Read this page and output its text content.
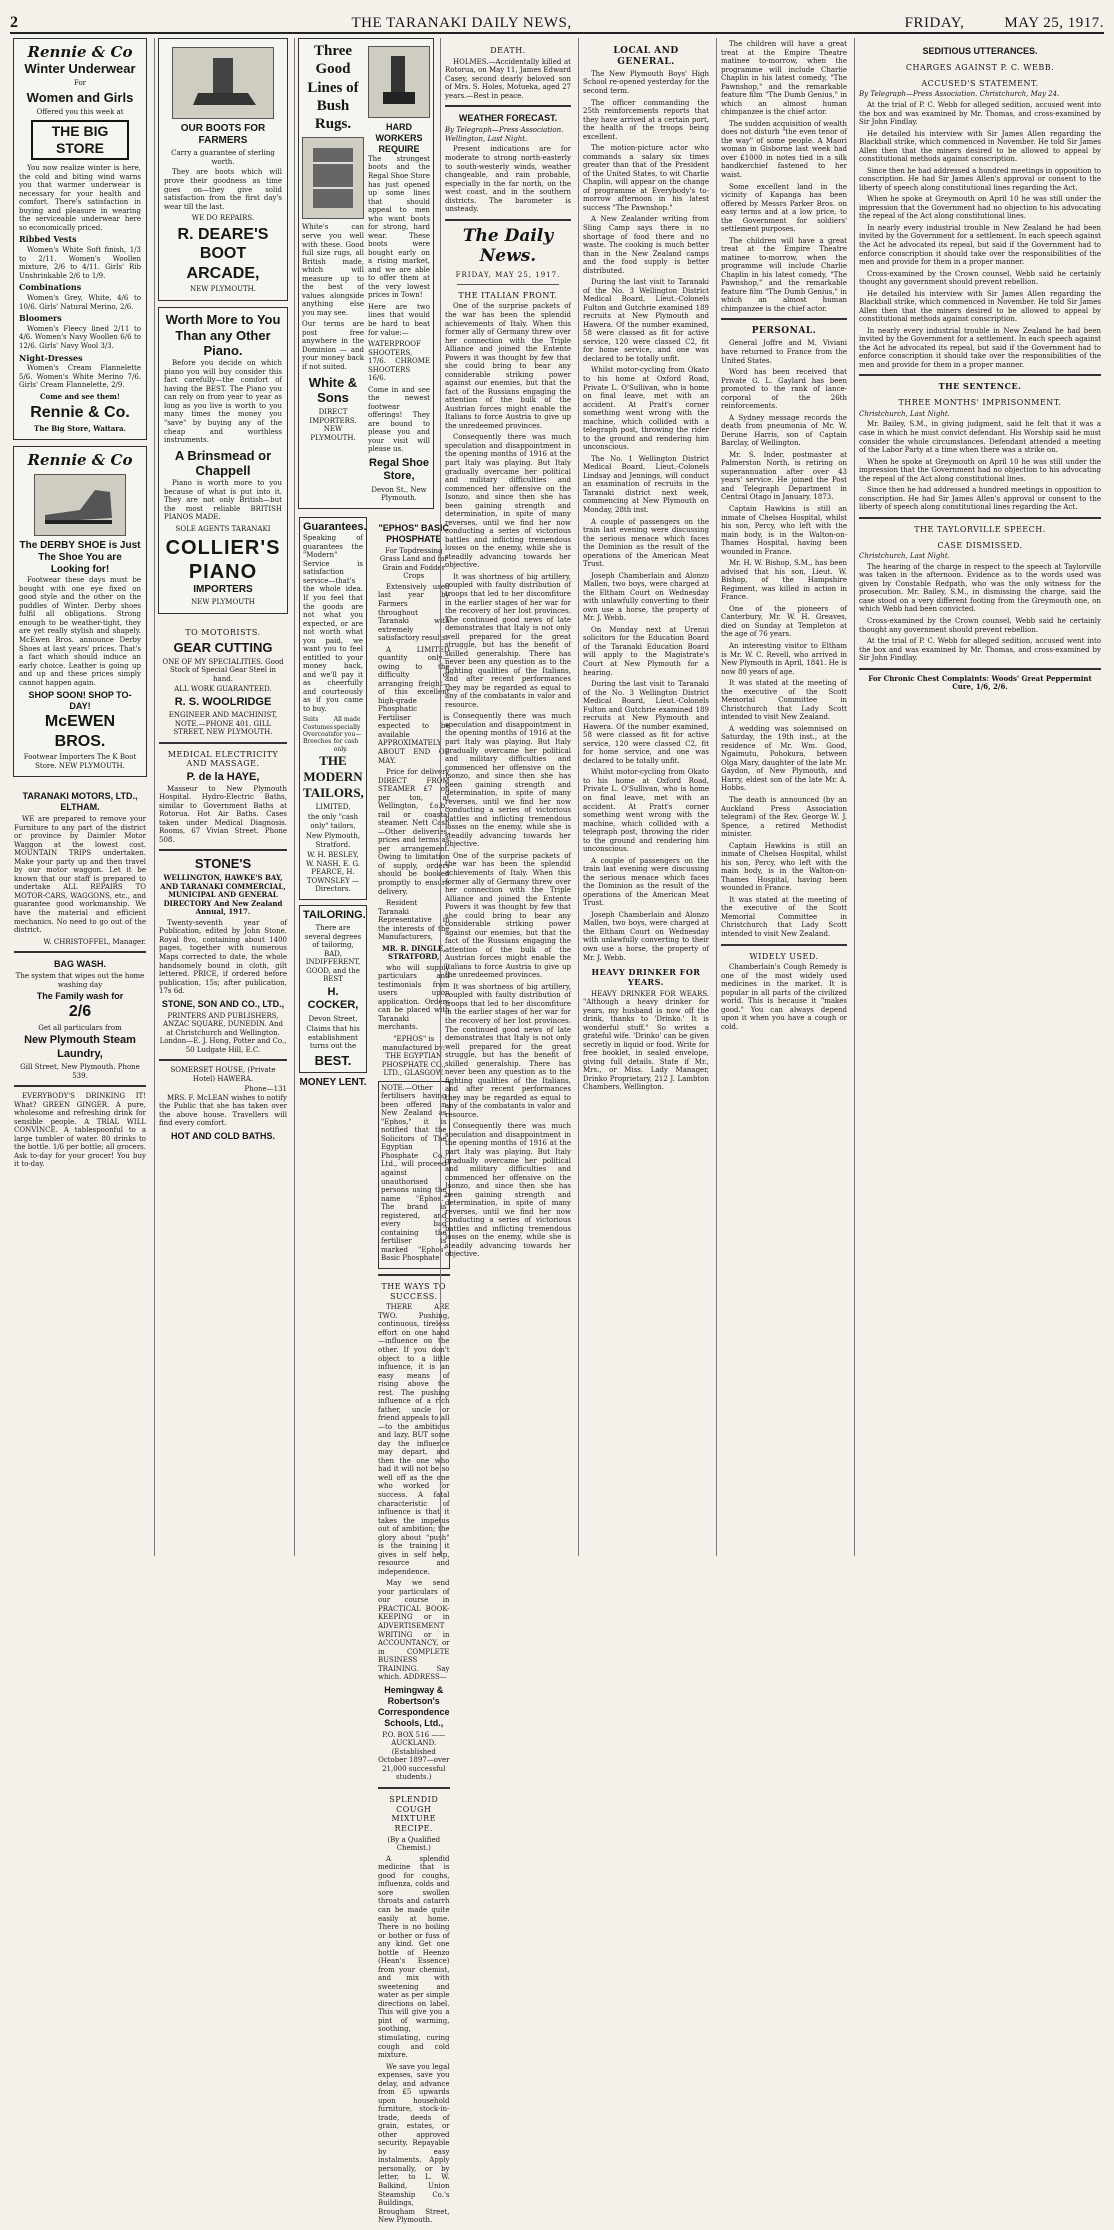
2	THE TARANAKI DAILY NEWS,	FRIDAY,	MAY 25, 1917.
Rennie & Co
Winter Underwear
For
Women and Girls
Offered you this week at
THE BIG STORE

You now realize winter is here, the cold and biting wind warns you that warmer underwear is necessary for your health and comfort. There's satisfaction in buying and pleasure in wearing the serviceable underwear here so economically priced.

Ribbed Vests

Women's White Soft finish, 1/3 to 2/11. Women's Woollen mixture, 2/6 to 4/11. Girls' Rib Unshrinkable 2/6 to 1/9.

Combinations

Women's Grey, White, 4/6 to 10/6. Girls' Natural Merino, 2/6.

Bloomers

Women's Fleecy lined 2/11 to 4/6. Women's Navy Woollen 6/6 to 12/6. Girls' Navy Wool 3/3.

Night-Dresses

Women's Cream Flannelette 5/6. Women's White Merino 7/6. Girls' Cream Flannelette, 2/9.

Come and see them!
Rennie & Co.
The Big Store, Waitara.
Rennie & Co
The DERBY SHOE is Just The Shoe You are Looking for!

Footwear these days must be bought with one eye fixed on good style and the other on the puddles of Winter. Derby shoes fulfil all obligations. Strong enough to be weather-tight, they are yet really stylish and shapely. McEwen Bros. announce Derby Shoes at last years' prices. That's a fact which should induce an early choice. Leather is going up and up and these prices simply cannot happen again.

SHOP SOON! SHOP TO-DAY!
McEWEN BROS.
Footwear Importers The K Boot Store. NEW PLYMOUTH.
TARANAKI MOTORS, LTD., ELTHAM.

WE are prepared to remove your Furniture to any part of the district or province by Daimler Motor Waggon at the lowest cost. MOUNTAIN TRIPS undertaken. Make your party up and then travel by our motor waggon. Let it be known that our staff is prepared to undertake ALL REPAIRS TO MOTOR-CARS, WAGGONS, etc., and guarantee good workmanship. We have the material and efficient mechanics. No need to go out of the district.

W. CHRISTOFFEL, Manager.
BAG WASH.
The system that wipes out the home washing day
The Family wash for
2/6
Get all particulars from
New Plymouth Steam Laundry,
Gill Street, New Plymouth. Phone 539.

EVERYBODY'S DRINKING IT! What? GREEN GINGER. A pure, wholesome and refreshing drink for sensible people. A TRIAL WILL CONVINCE. A tablespoonful to a large tumbler of water. 80 drinks to the bottle. 1/6 per bottle; all grocers. Ask to-day for your grocer! You buy it to-day.

OUR BOOTS FOR FARMERS
Carry a guarantee of sterling worth.

They are boots which will prove their goodness as time goes on—they give solid satisfaction from the first day's wear till the last.

WE DO REPAIRS.
R. DEARE'S BOOT ARCADE,
NEW PLYMOUTH.
Worth More to You Than any Other Piano.

Before you decide on which piano you will buy consider this fact carefully—the comfort of having the BEST. The Piano you can rely on from year to year as long as you live is worth to you many times the money you "save" by buying any of the cheap and worthless instruments.

A Brinsmead or Chappell

Piano is worth more to you because of what is put into it. They are not only British—but the most reliable BRITISH PIANOS MADE.

SOLE AGENTS TARANAKI
COLLIER'S PIANO
IMPORTERS
NEW PLYMOUTH
TO MOTORISTS.
GEAR CUTTING
ONE OF MY SPECIALITIES. Good Stock of Special Gear Steel in hand.
ALL WORK GUARANTEED.
R. S. WOOLRIDGE
ENGINEER AND MACHINIST, NOTE.—PHONE 401. GILL STREET, NEW PLYMOUTH.
MEDICAL ELECTRICITY AND MASSAGE.
P. de la HAYE,

Masseur to New Plymouth Hospital. Hydro-Electric Baths, similar to Government Baths at Rotorua. Hot Air Baths. Cases taken under Medical Diagnosis. Rooms, 67 Vivian Street. Phone 508.

STONE'S
WELLINGTON, HAWKE'S BAY, AND TARANAKI COMMERCIAL, MUNICIPAL AND GENERAL DIRECTORY And New Zealand Annual, 1917.

Twenty-seventh year of Publication, edited by John Stone. Royal 8vo, containing about 1400 pages, together with numerous Maps corrected to date, the whole handsomely bound in cloth, gilt lettered. PRICE, if ordered before publication, 15s; after publication, 17s 6d.

STONE, SON AND CO., LTD.,
PRINTERS AND PUBLISHERS, ANZAC SQUARE, DUNEDIN. And at Christchurch and Wellington. London—E. J. Hong, Potter and Co., 50 Ludgate Hill, E.C.
SOMERSET HOUSE, (Private Hotel) HAWERA.
Phone—131

MRS. F. McLEAN wishes to notify the Public that she has taken over the above house. Travellers will find every comfort.

HOT AND COLD BATHS.
Three Good Lines of Bush Rugs.

White's can serve you well with these. Good full size rugs, all British made, which will measure up to the best of values alongside anything else you may see.

Our terms are post free anywhere in the Dominion — and your money back if not suited.

White & Sons
DIRECT IMPORTERS. NEW PLYMOUTH.
HARD WORKERS REQUIRE

The strongest boots and the Regal Shoe Store has just opened up some lines that should appeal to men who want boots for strong, hard wear. These boots were bought early on a rising market, and we are able to offer them at the very lowest prices in Town!

Here are two lines that would be hard to beat for value:—

WATERPROOF SHOOTERS, 17/6. CHROME SHOOTERS 16/6.

Come in and see the newest footwear offerings! They are bound to please you and your visit will please us.

Regal Shoe Store,
Devon St., New Plymouth.
Guarantees.

Speaking of guarantees the "Modern" Service is satisfaction service—that's the whole idea. If you feel that the goods are not what you expected, or are not worth what you paid, we want you to feel entitled to your money back, and we'll pay it as cheerfully and courteously as if you came to buy.

Suits Costumes Overcoats Breeches
All made specially for you—for cash only.
THE MODERN TAILORS,
LIMITED,
the only "cash only" tailors,
New Plymouth, Stratford.
W. H. BESLEY, W. NASH, E. G. PEARCE, H. TOWNSLEY — Directors.
TAILORING.
There are several degrees of tailoring, BAD, INDIFFERENT, GOOD, and the BEST
H. COCKER,
Devon Street,
Claims that his establishment turns out the
BEST.
MONEY LENT.
"EPHOS" BASIC PHOSPHATE
For Topdressing Grass Land and for Grain and Fodder Crops

Extensively used last year by Farmers throughout Taranaki with extremely satisfactory results.

A LIMITED quantity only—owing to the difficulty of arranging freight—of this excellent high-grade Phosphatic Fertiliser is expected to be available APPROXIMATELY ABOUT END OF MAY.

Price for delivery DIRECT FROM STEAMER £7 on per ton, at Wellington, f.o.b., rail or coastal steamer. Nett Cash—Other deliveries, prices and terms as per arrangement. Owing to limitation of supply, orders should be booked promptly to ensure delivery.

Resident Taranaki Representative in the interests of the Manufacturers,

MR. R. DINGLE, STRATFORD,

who will supply particulars and testimonials from users upon application. Orders can be placed with Taranaki merchants.

"EPHOS" is manufactured by: THE EGYPTIAN PHOSPHATE CO., LTD., GLASGOW.

NOTE.—Other fertilisers having been offered in New Zealand as "Ephos," it is notified that the Solicitors of The Egyptian Phosphate Co., Ltd., will proceed against unauthorised persons using the name "Ephos." The brand is registered, and every bag containing the fertiliser is marked "Ephos" Basic Phosphate.

THE WAYS TO SUCCESS.

THERE ARE TWO. Pushing, continuous, tireless effort on one hand—influence on the other. If you don't object to a little influence, it is an easy means of rising above the rest. The pushing influence of a rich father, uncle or friend appeals to all—to the ambitious and lazy. BUT some day the influence may depart, and then the one who had it will not be so well off as the one who worked for success. A fatal characteristic of influence is that it takes the impetus out of ambition; the glory about "push" is the training it gives in self help, resource and independence.

May we send your particulars of our course in PRACTICAL BOOK-KEEPING or in ADVERTISEMENT WRITING or in ACCOUNTANCY, or in COMPLETE BUSINESS TRAINING. Say which. ADDRESS—

Hemingway & Robertson's Correspondence Schools, Ltd.,
P.O. BOX 516 —— AUCKLAND. (Established October 1897—over 21,000 successful students.)
SPLENDID COUGH MIXTURE RECIPE.
(By a Qualified Chemist.)

A splendid medicine that is good for coughs, influenza, colds and sore swollen throats and catarrh can be made quite easily at home. There is no boiling or bother or fuss of any kind. Get one bottle of Heenzo (Hean's Essence) from your chemist, and mix with sweetening and water as per simple directions on label. This will give you a pint of warming, soothing, stimulating, curing cough and cold mixture.

We save you legal expenses, save you delay, and advance from £5 upwards upon household furniture, stock-in-trade, deeds of grain, estates, or other approved security. Repayable by easy instalments. Apply personally, or by letter, to L. W. Balkind, Union Steamship Co.'s Buildings, Brougham Street, New Plymouth.

DEATH.

HOLMES.—Accidentally killed at Rotorua, on May 11, James Edward Casey, second dearly beloved son of Mrs. S. Holes, Motueka, aged 27 years.—Rest in peace.

WEATHER FORECAST.
By Telegraph—Press Association. Wellington, Last Night.

Present indications are for moderate to strong north-easterly to south-westerly winds, weather changeable, and rain probable, especially in the far north, on the west coast, and in the southern districts. The barometer is unsteady.

The Daily News.
FRIDAY, MAY 25, 1917.
THE ITALIAN FRONT.

One of the surprise packets of the war has been the splendid achievements of Italy. When this former ally of Germany threw over her connection with the Triple Alliance and joined the Entente Powers it was thought by few that she could bring to bear any considerable striking power against our enemies, but that the fact of the Russians engaging the attention of the bulk of the Austrian forces might enable the Italians to force Austria to give up the unredeemed provinces.

Consequently there was much speculation and disappointment in the opening months of 1916 at the part Italy was playing. But Italy gradually overcame her political and military difficulties and commenced her offensive on the Isonzo, and since then she has been gaining strength and determination, in spite of many reverses, until we find her now conducting a series of victorious battles and inflicting tremendous losses on the enemy, while she is steadily advancing towards her objective.

It was shortness of big artillery, coupled with faulty distribution of troops that led to her discomfiture in the earlier stages of her war for the recovery of her lost provinces. The continued good news of late demonstrates that Italy is not only well prepared for the great struggle, but has the benefit of skilled generalship. There has never been any question as to the fighting qualities of the Italians, and after recent performances they may be regarded as equal to any of the combatants in valor and resource.

Consequently there was much speculation and disappointment in the opening months of 1916 at the part Italy was playing. But Italy gradually overcame her political and military difficulties and commenced her offensive on the Isonzo, and since then she has been gaining strength and determination, in spite of many reverses, until we find her now conducting a series of victorious battles and inflicting tremendous losses on the enemy, while she is steadily advancing towards her objective.

One of the surprise packets of the war has been the splendid achievements of Italy. When this former ally of Germany threw over her connection with the Triple Alliance and joined the Entente Powers it was thought by few that she could bring to bear any considerable striking power against our enemies, but that the fact of the Russians engaging the attention of the bulk of the Austrian forces might enable the Italians to force Austria to give up the unredeemed provinces.

It was shortness of big artillery, coupled with faulty distribution of troops that led to her discomfiture in the earlier stages of her war for the recovery of her lost provinces. The continued good news of late demonstrates that Italy is not only well prepared for the great struggle, but has the benefit of skilled generalship. There has never been any question as to the fighting qualities of the Italians, and after recent performances they may be regarded as equal to any of the combatants in valor and resource.

Consequently there was much speculation and disappointment in the opening months of 1916 at the part Italy was playing. But Italy gradually overcame her political and military difficulties and commenced her offensive on the Isonzo, and since then she has been gaining strength and determination, in spite of many reverses, until we find her now conducting a series of victorious battles and inflicting tremendous losses on the enemy, while she is steadily advancing towards her objective.

LOCAL AND GENERAL.

The New Plymouth Boys' High School re-opened yesterday for the second term.

The officer commanding the 25th reinforcements reports that they have arrived at a certain port, the health of the troops being excellent.

The motion-picture actor who commands a salary six times greater than that of the President of the United States, to wit Charlie Chaplin, will appear on the change of programme at Everybody's to-morrow afternoon in his latest success "The Pawnshop."

A New Zealander writing from Sling Camp says there is no shortage of food there and no waste. The cooking is much better than in the New Zealand camps and the food supply is better distributed.

During the last visit to Taranaki of the No. 3 Wellington District Medical Board, Lieut.-Colonels Fulton and Gutchrie examined 189 recruits at New Plymouth and Hawera. Of the number examined, 58 were classed as fit for active service, 120 were classed C2, fit for home service, and one was declared to be totally unfit.

Whilst motor-cycling from Okato to his home at Oxford Road, Private L. O'Sullivan, who is home on final leave, met with an accident. At Pratt's corner something went wrong with the machine, which collided with a telegraph post, throwing the rider to the ground and rendering him unconscious.

The No. 1 Wellington District Medical Board, Lieut.-Colonels Lindsay and Jennings, will conduct an examination of recruits in the Taranaki district next week, commencing at New Plymouth on Monday, 28th inst.

A couple of passengers on the train last evening were discussing the serious menace which faces the Dominion as the result of the operations of the American Meat Trust.

Joseph Chamberlain and Alonzo Mallen, two boys, were charged at the Eltham Court on Wednesday with unlawfully converting to their own use a horse, the property of Mr. J. Webb.

On Monday next at Urenui solicitors for the Education Board of the Taranaki Education Board will apply to the Magistrate's Court at New Plymouth for a hearing.

During the last visit to Taranaki of the No. 3 Wellington District Medical Board, Lieut.-Colonels Fulton and Gutchrie examined 189 recruits at New Plymouth and Hawera. Of the number examined, 58 were classed as fit for active service, 120 were classed C2, fit for home service, and one was declared to be totally unfit.

Whilst motor-cycling from Okato to his home at Oxford Road, Private L. O'Sullivan, who is home on final leave, met with an accident. At Pratt's corner something went wrong with the machine, which collided with a telegraph post, throwing the rider to the ground and rendering him unconscious.

A couple of passengers on the train last evening were discussing the serious menace which faces the Dominion as the result of the operations of the American Meat Trust.

Joseph Chamberlain and Alonzo Mallen, two boys, were charged at the Eltham Court on Wednesday with unlawfully converting to their own use a horse, the property of Mr. J. Webb.

HEAVY DRINKER FOR YEARS.

HEAVY DRINKER FOR WEARS. "Although a heavy drinker for years, my husband is now off the drink, thanks to 'Drinko.' It is wonderful stuff." So writes a grateful wife. 'Drinko' can be given secretly in liquid or food. Write for free booklet, in sealed envelope, giving full details. State if Mr., Mrs., or Miss. Lady Manager, Drinko Proprietary, 212 J. Lambton Chambers, Wellington.

The children will have a great treat at the Empire Theatre matinee to-morrow, when the programme will include Charlie Chaplin in his latest comedy, "The Pawnshop," and the remarkable feature film "The Dumb Genius," in which an almost human chimpanzee is the chief actor.

The sudden acquisition of wealth does not disturb "the even tenor of the way" of some people. A Maori woman in Gisborne last week had over £1000 in notes tied in a silk handkerchief fastened to her waist.

Some excellent land in the vicinity of Kapanga has been offered by Messrs Parker Bros. on easy terms and at a low price, to the Government for soldiers' settlement purposes.

The children will have a great treat at the Empire Theatre matinee to-morrow, when the programme will include Charlie Chaplin in his latest comedy, "The Pawnshop," and the remarkable feature film "The Dumb Genius," in which an almost human chimpanzee is the chief actor.

PERSONAL.

General Joffre and M. Viviani have returned to France from the United States.

Word has been received that Private G. L. Gaylard has been promoted to the rank of lance-corporal of the 26th reinforcements.

A Sydney message records the death from pneumonia of Mr. W. Derune Harris, son of Captain Barclay, of Wellington.

Mr. S. Inder, postmaster at Palmerston North, is retiring on superannuation after over 43 years' service. He joined the Post and Telegraph Department in Central Otago in January, 1873.

Captain Hawkins is still an inmate of Chelsea Hospital, whilst his son, Percy, who left with the main body, is in the Walton-on-Thames Hospital, having been wounded in France.

Mr. H. W. Bishop, S.M., has been advised that his son, Lieut. W. Bishop, of the Hampshire Regiment, was killed in action in France.

One of the pioneers of Canterbury, Mr. W. H. Greaves, died on Sunday at Templeton at the age of 76 years.

An interesting visitor to Eltham is Mr. W. C. Revell, who arrived in New Plymouth in April, 1841. He is now 80 years of age.

It was stated at the meeting of the executive of the Scott Memorial Committee in Christchurch that Lady Scott intended to visit New Zealand.

A wedding was solemnised on Saturday, the 19th inst., at the residence of Mr. Wm. Good, Ngaimutu, Pohokura, between Olga Mary, daughter of the late Mr. Gaydon, of New Plymouth, and Harry, eldest son of the late Mr. A. Hobbs.

The death is announced (by an Auckland Press Association telegram) of the Rev. George W. J. Spence, a retired Methodist minister.

Captain Hawkins is still an inmate of Chelsea Hospital, whilst his son, Percy, who left with the main body, is in the Walton-on-Thames Hospital, having been wounded in France.

It was stated at the meeting of the executive of the Scott Memorial Committee in Christchurch that Lady Scott intended to visit New Zealand.

WIDELY USED.

Chamberlain's Cough Remedy is one of the most widely used medicines in the market. It is popular in all parts of the civilized world. This is because it "makes good." You can always depend upon it when you have a cough or cold.

SEDITIOUS UTTERANCES.
CHARGES AGAINST P. C. WEBB.
ACCUSED'S STATEMENT.
By Telegraph—Press Association. Christchurch, May 24.

At the trial of P. C. Webb for alleged sedition, accused went into the box and was examined by Mr. Thomas, and cross-examined by Sir John Findlay.

He detailed his interview with Sir James Allen regarding the Blackball strike, which commenced in November. He told Sir James Allen then that the miners desired to be allowed to appeal by constitutional methods against conscription.

Since then he had addressed a hundred meetings in opposition to conscription. He had Sir James Allen's approval or consent to the liberty of speech along constitutional lines regarding the Act.

When he spoke at Greymouth on April 10 he was still under the impression that the Government had no objection to his advocating the repeal of the Act along constitutional lines.

In nearly every industrial trouble in New Zealand he had been invited by the Government for a settlement. In each speech against the Act he advocated its repeal, but said if the Government had to enforce conscription it should take over the responsibilities of the men and provide for them in a proper manner.

Cross-examined by the Crown counsel, Webb said he certainly thought any government should prevent rebellion.

He detailed his interview with Sir James Allen regarding the Blackball strike, which commenced in November. He told Sir James Allen then that the miners desired to be allowed to appeal by constitutional methods against conscription.

In nearly every industrial trouble in New Zealand he had been invited by the Government for a settlement. In each speech against the Act he advocated its repeal, but said if the Government had to enforce conscription it should take over the responsibilities of the men and provide for them in a proper manner.

THE SENTENCE.
THREE MONTHS' IMPRISONMENT.
Christchurch, Last Night.

Mr. Bailey, S.M., in giving judgment, said he felt that it was a case in which he must convict defendant. His Worship said he must consider the whole circumstances. Defendant attended a meeting of the Labor Party at a time when there was a strike on.

When he spoke at Greymouth on April 10 he was still under the impression that the Government had no objection to his advocating the repeal of the Act along constitutional lines.

Since then he had addressed a hundred meetings in opposition to conscription. He had Sir James Allen's approval or consent to the liberty of speech along constitutional lines regarding the Act.

THE TAYLORVILLE SPEECH.
CASE DISMISSED.
Christchurch, Last Night.

The hearing of the charge in respect to the speech at Taylorville was taken in the afternoon. Evidence as to the words used was given by Constable Redpath, who was the only witness for the prosecution. Mr. Bailey, S.M., in dismissing the charge, said the case stood on a very different footing from the Greymouth one, on which Webb had been convicted.

Cross-examined by the Crown counsel, Webb said he certainly thought any government should prevent rebellion.

At the trial of P. C. Webb for alleged sedition, accused went into the box and was examined by Mr. Thomas, and cross-examined by Sir John Findlay.

For Chronic Chest Complaints: Woods' Great Peppermint Cure, 1/6, 2/6.
